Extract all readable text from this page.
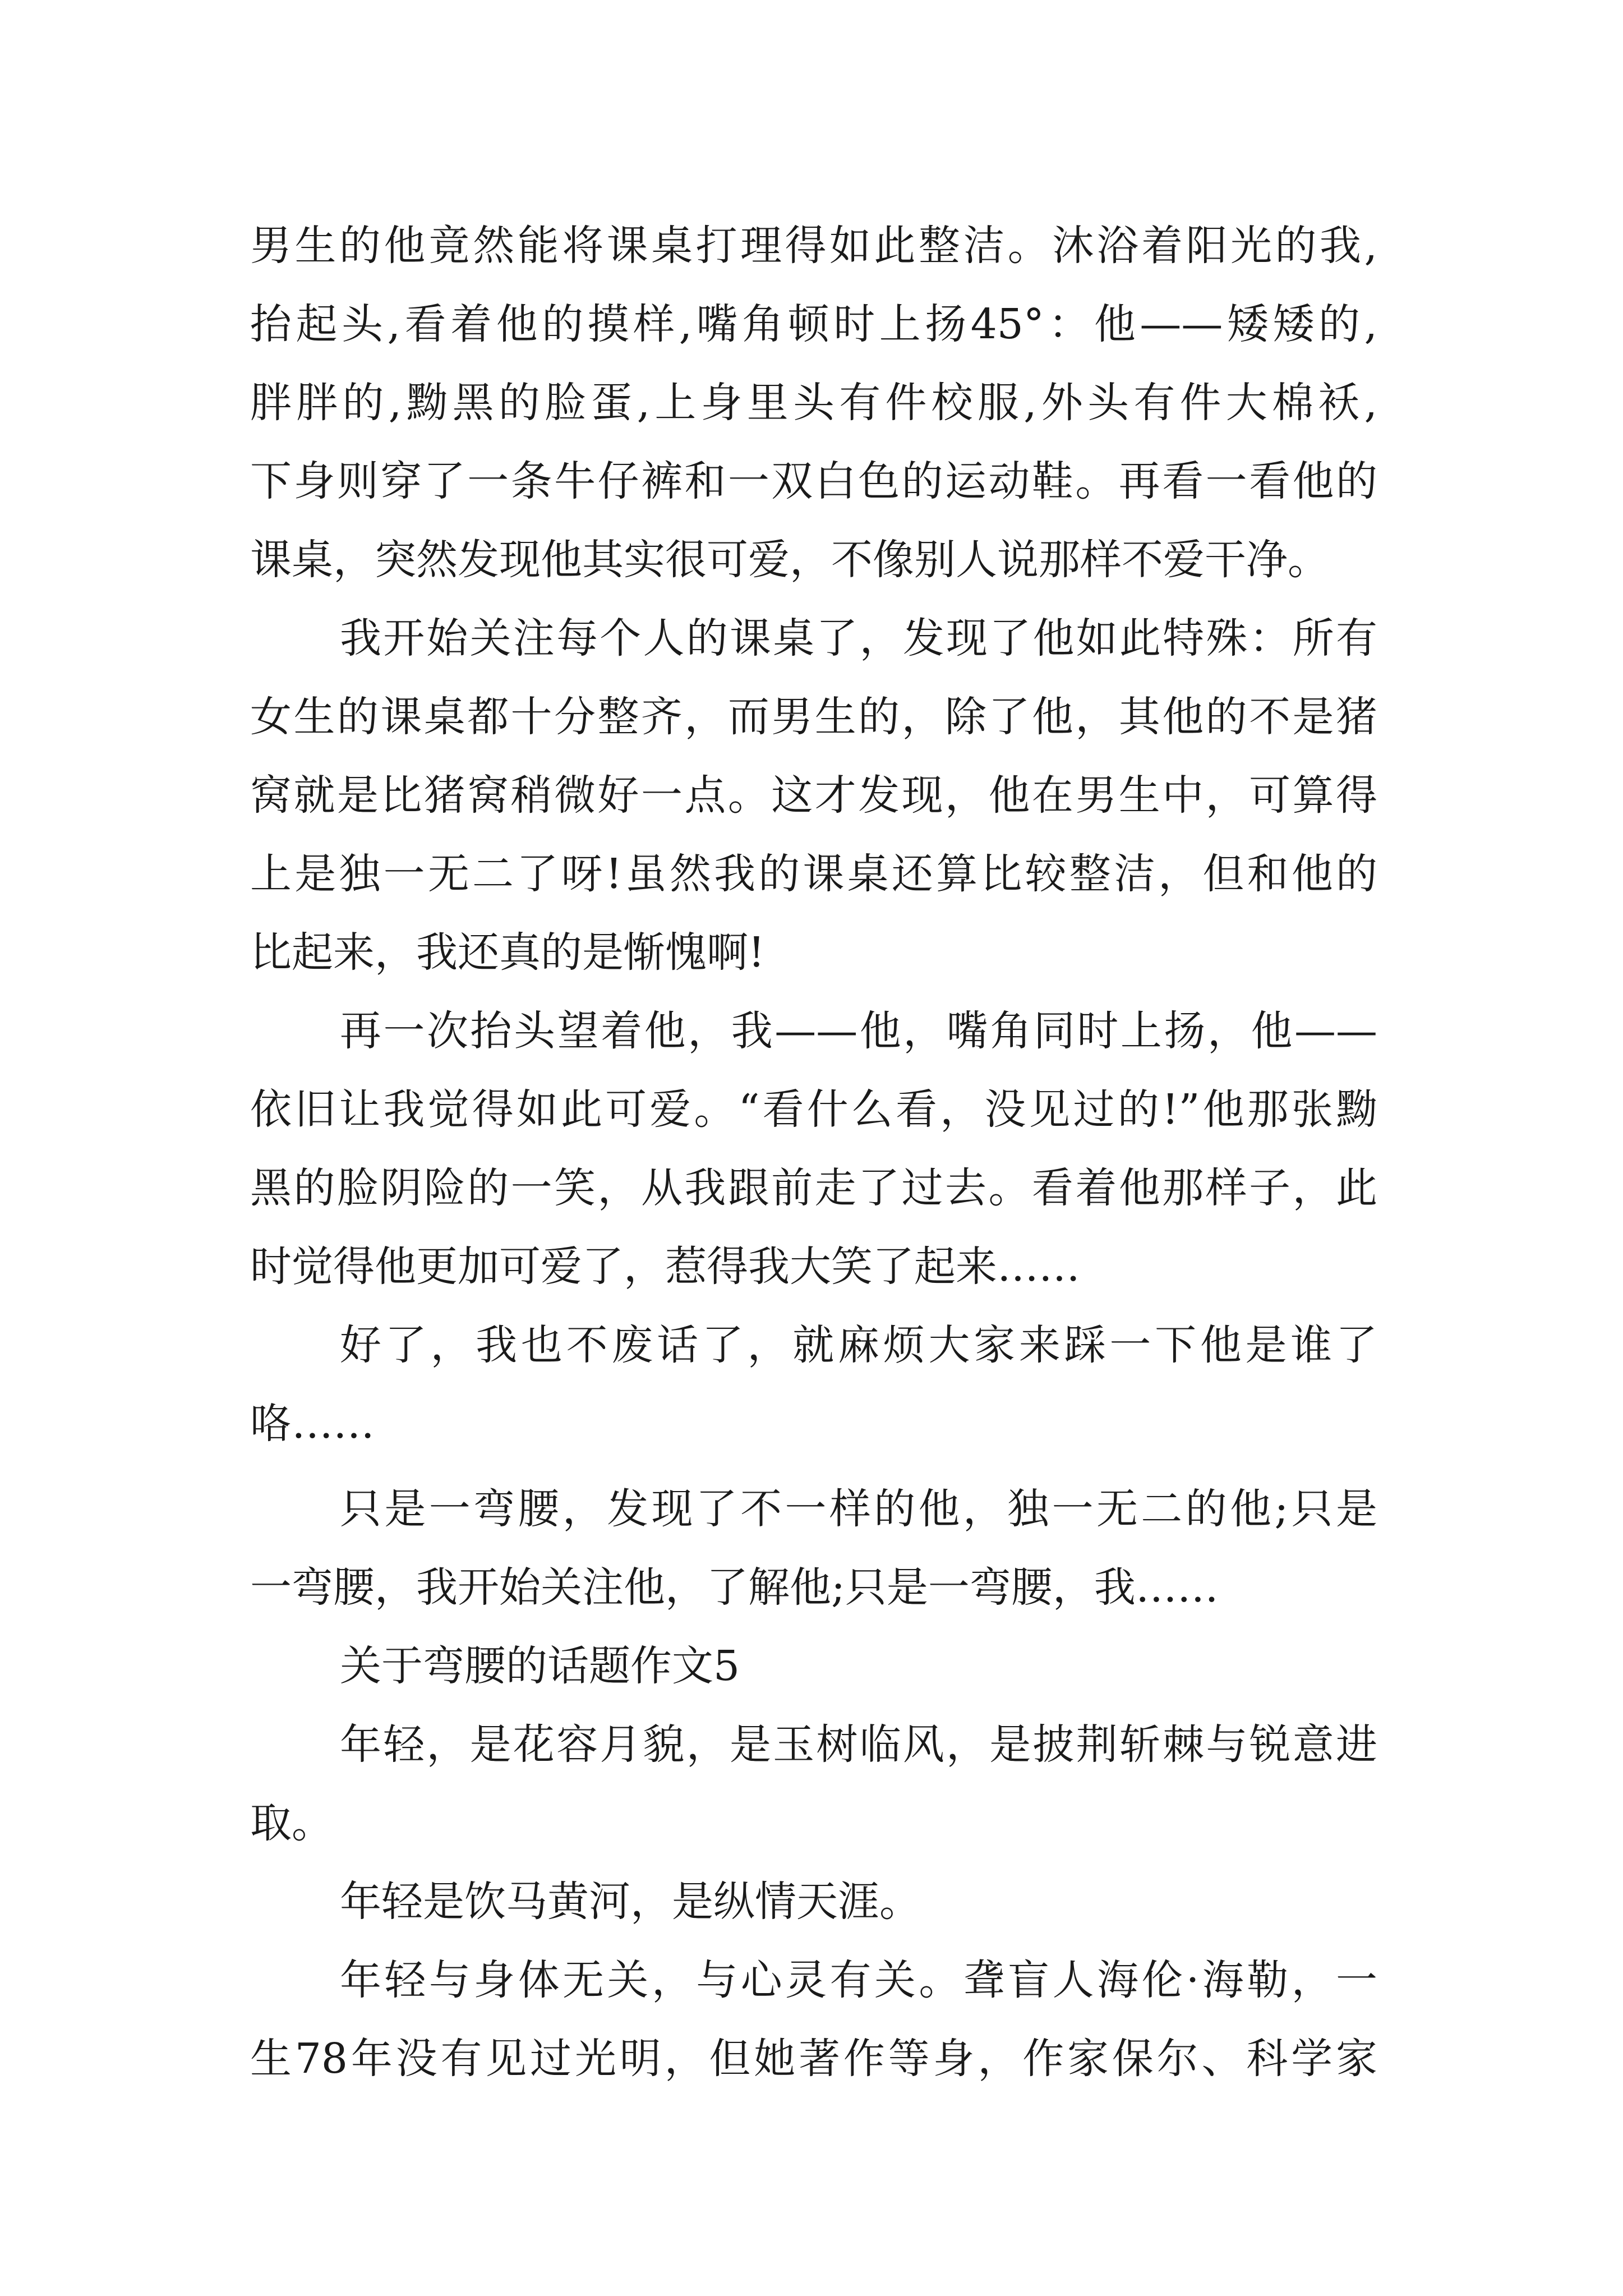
男生的他竟然能将课桌打理得如此整洁。沐浴着阳光的我,
抬起头,看着他的摸样,嘴角顿时上扬45°：他——矮矮的,
胖胖的,黝黑的脸蛋,上身里头有件校服,外头有件大棉袄,
下身则穿了一条牛仔裤和一双白色的运动鞋。再看一看他的
课桌，突然发现他其实很可爱，不像别人说那样不爱干净。
我开始关注每个人的课桌了，发现了他如此特殊：所有
女生的课桌都十分整齐，而男生的，除了他，其他的不是猪
窝就是比猪窝稍微好一点。这才发现，他在男生中，可算得
上是独一无二了呀!虽然我的课桌还算比较整洁，但和他的
比起来，我还真的是惭愧啊!
再一次抬头望着他，我——他，嘴角同时上扬，他——
依旧让我觉得如此可爱。“看什么看，没见过的!”他那张黝
黑的脸阴险的一笑，从我跟前走了过去。看着他那样子，此
时觉得他更加可爱了，惹得我大笑了起来……
好了，我也不废话了，就麻烦大家来踩一下他是谁了
咯……
只是一弯腰，发现了不一样的他，独一无二的他;只是
一弯腰，我开始关注他，了解他;只是一弯腰，我……
关于弯腰的话题作文5
年轻，是花容月貌，是玉树临风，是披荆斩棘与锐意进
取。
年轻是饮马黄河，是纵情天涯。
年轻与身体无关，与心灵有关。聋盲人海伦·海勒，一
生78年没有见过光明，但她著作等身，作家保尔、科学家
